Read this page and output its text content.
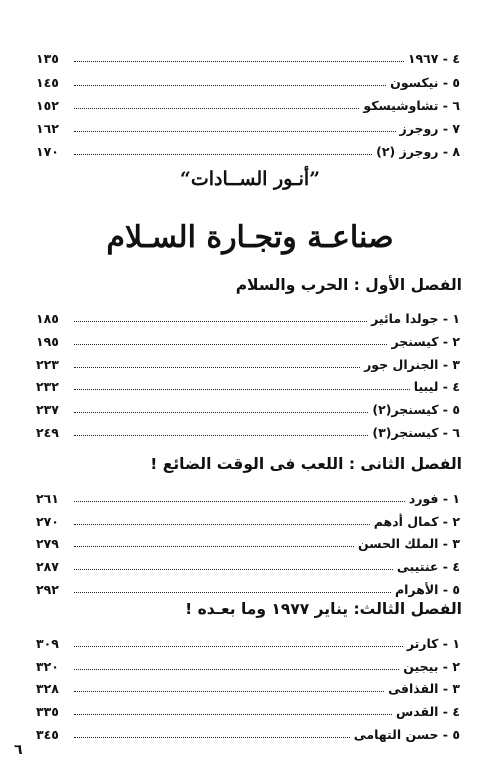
٤ - ١٩٦٧
١٣٥
٥ - نيكسون
١٤٥
٦ - تشاوشيسكو
١٥٢
٧ - روجرز
١٦٢
٨ - روجرز (٢)
١٧٠
”أنـور الســادات“
صناعـة وتجـارة السـلام
الفصل الأول : الحرب والسلام
١ - جولدا مائير
١٨٥
٢ - كيسنجر
١٩٥
٣ - الجنرال جور
٢٢٣
٤ - ليبيا
٢٣٢
٥ - كيسنجر(٢)
٢٣٧
٦ - كيسنجر(٣)
٢٤٩
الفصل الثانى : اللعب فى الوقت الضائع !
١ - فورد
٢٦١
٢ - كمال أدهم
٢٧٠
٣ - الملك الحسن
٢٧٩
٤ - عنتيبى
٢٨٧
٥ - الأهرام
٢٩٢
الفصل الثالث: يناير ١٩٧٧ وما بعـده !
١ - كارتر
٣٠٩
٢ - بيجين
٣٢٠
٣ - القذافى
٣٢٨
٤ - القدس
٣٣٥
٥ - حسن التهامى
٣٤٥
٦
